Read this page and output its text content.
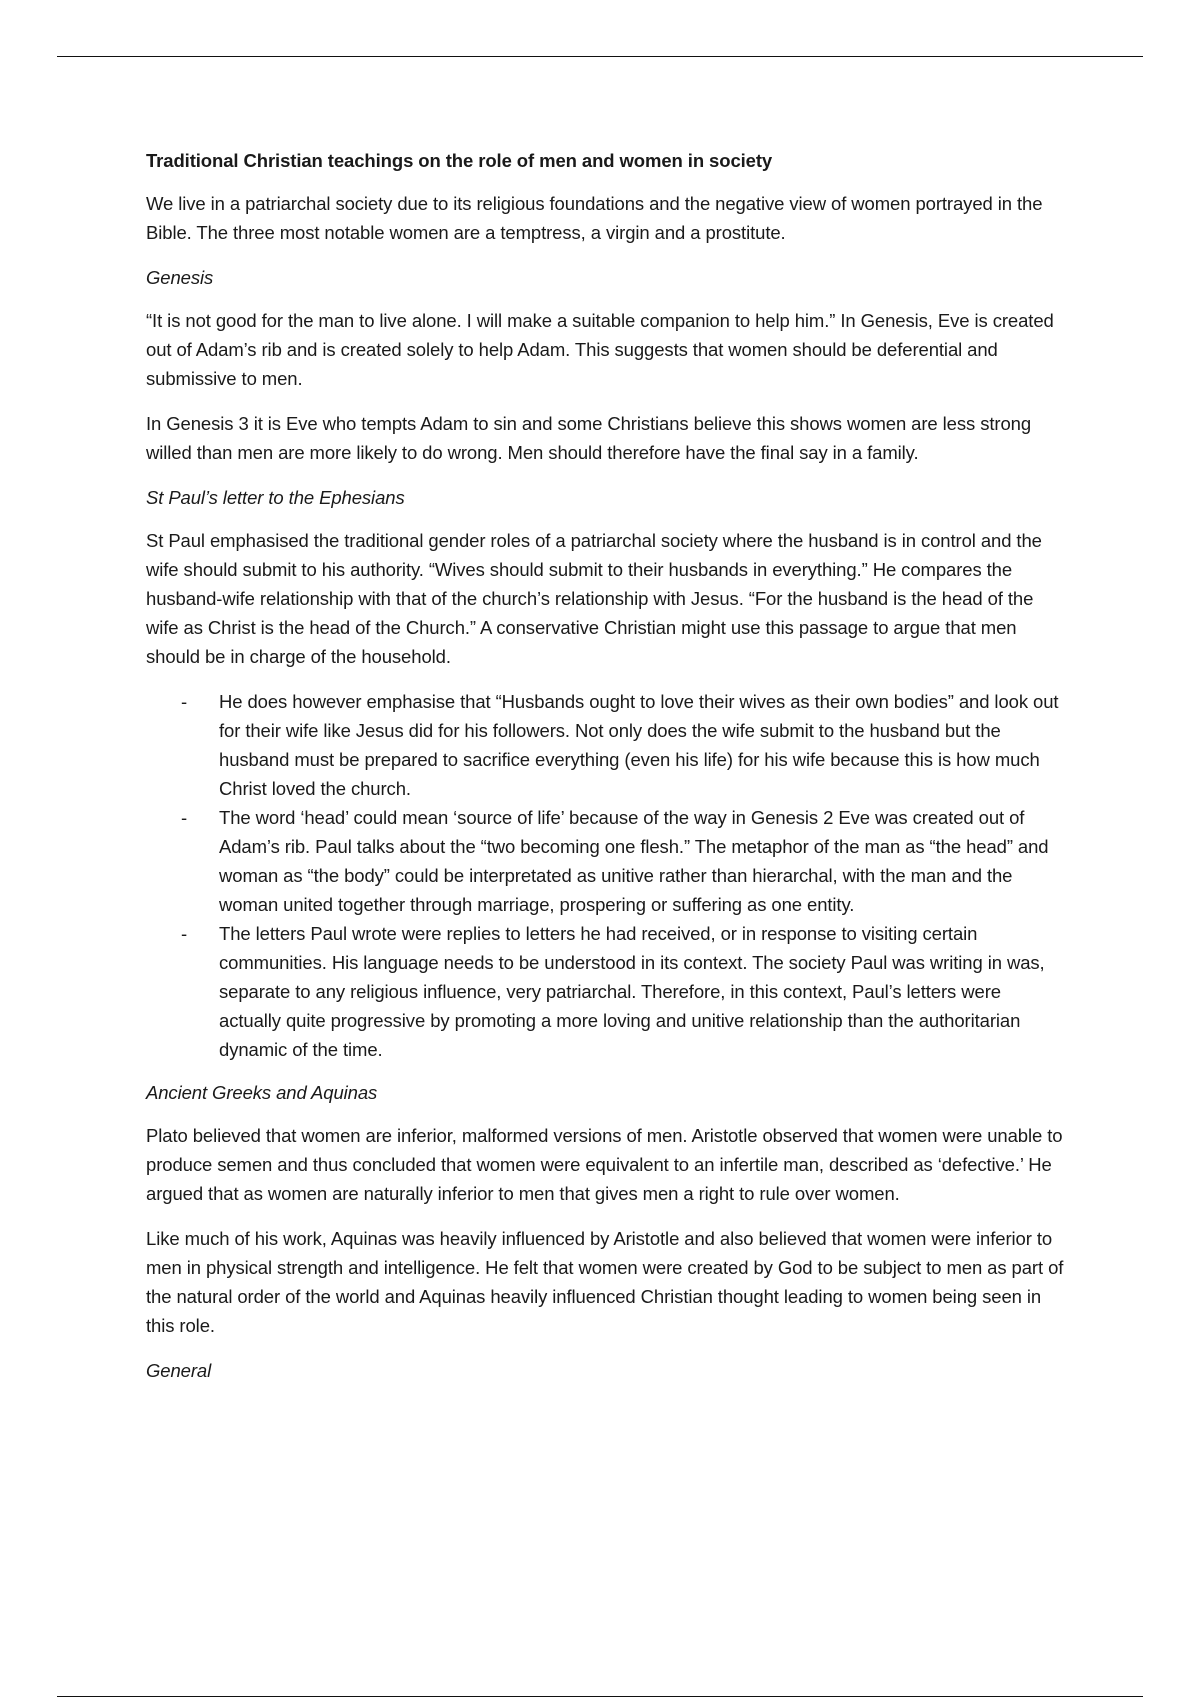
Traditional Christian teachings on the role of men and women in society

We live in a patriarchal society due to its religious foundations and the negative view of women portrayed in the Bible. The three most notable women are a temptress, a virgin and a prostitute.

Genesis

“It is not good for the man to live alone. I will make a suitable companion to help him.” In Genesis, Eve is created out of Adam’s rib and is created solely to help Adam. This suggests that women should be deferential and submissive to men.

In Genesis 3 it is Eve who tempts Adam to sin and some Christians believe this shows women are less strong willed than men are more likely to do wrong. Men should therefore have the final say in a family.

St Paul’s letter to the Ephesians

St Paul emphasised the traditional gender roles of a patriarchal society where the husband is in control and the wife should submit to his authority. “Wives should submit to their husbands in everything.” He compares the husband-wife relationship with that of the church’s relationship with Jesus. “For the husband is the head of the wife as Christ is the head of the Church.” A conservative Christian might use this passage to argue that men should be in charge of the household.

- He does however emphasise that “Husbands ought to love their wives as their own bodies” and look out for their wife like Jesus did for his followers. Not only does the wife submit to the husband but the husband must be prepared to sacrifice everything (even his life) for his wife because this is how much Christ loved the church.
- The word ‘head’ could mean ‘source of life’ because of the way in Genesis 2 Eve was created out of Adam’s rib. Paul talks about the “two becoming one flesh.” The metaphor of the man as “the head” and woman as “the body” could be interpretated as unitive rather than hierarchal, with the man and the woman united together through marriage, prospering or suffering as one entity.
- The letters Paul wrote were replies to letters he had received, or in response to visiting certain communities. His language needs to be understood in its context. The society Paul was writing in was, separate to any religious influence, very patriarchal. Therefore, in this context, Paul’s letters were actually quite progressive by promoting a more loving and unitive relationship than the authoritarian dynamic of the time.

Ancient Greeks and Aquinas

Plato believed that women are inferior, malformed versions of men. Aristotle observed that women were unable to produce semen and thus concluded that women were equivalent to an infertile man, described as ‘defective.’ He argued that as women are naturally inferior to men that gives men a right to rule over women.

Like much of his work, Aquinas was heavily influenced by Aristotle and also believed that women were inferior to men in physical strength and intelligence. He felt that women were created by God to be subject to men as part of the natural order of the world and Aquinas heavily influenced Christian thought leading to women being seen in this role.

General
